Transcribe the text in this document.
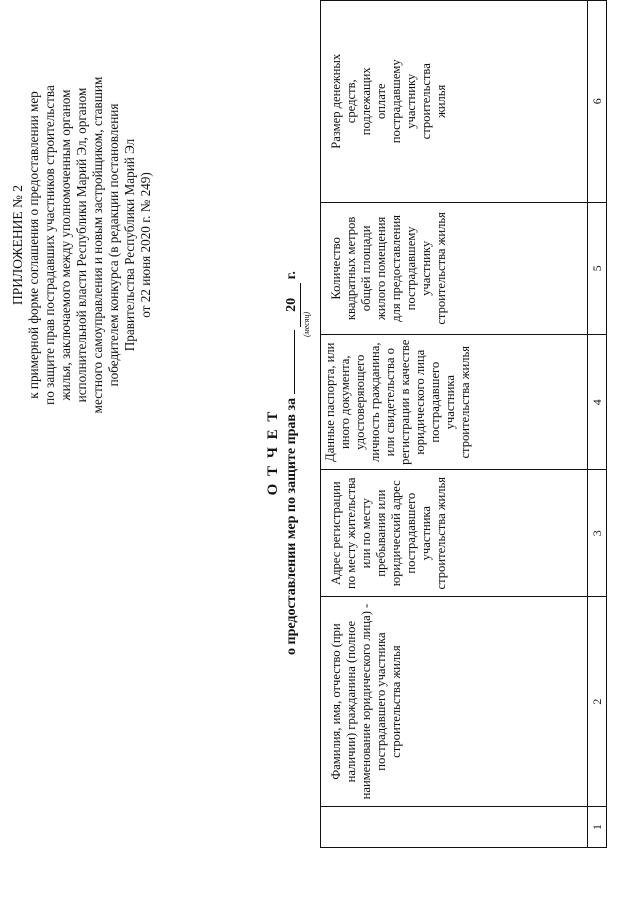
ПРИЛОЖЕНИЕ № 2 к примерной форме соглашения о предоставлении мер по защите прав пострадавших участников строительства жилья, заключаемого между уполномоченным органом исполнительной власти Республики Марий Эл, органом местного самоуправления и новым застройщиком, ставшим победителем конкурса (в редакции постановления Правительства Республики Марий Эл от 22 июня 2020 г. № 249)
О Т Ч Е Т о предоставлении мер по защите прав за  20 г.
(месяц)
	Фамилия, имя, отчество (при наличии) гражданина (полное наименование юридического лица) - пострадавшего участника строительства жилья	Адрес регистрации по месту жительства или по месту пребывания или юридический адрес пострадавшего участника строительства жилья	Данные паспорта, или иного документа, удостоверяющего личность гражданина, или свидетельства о регистрации в качестве юридического лица пострадавшего участника строительства жилья	Количество квадратных метров общей площади жилого помещения для предоставления пострадавшему участнику строительства жилья	Размер денежных средств, подлежащих оплате пострадавшему участнику строительства жилья
1	2	3	4	5	6
